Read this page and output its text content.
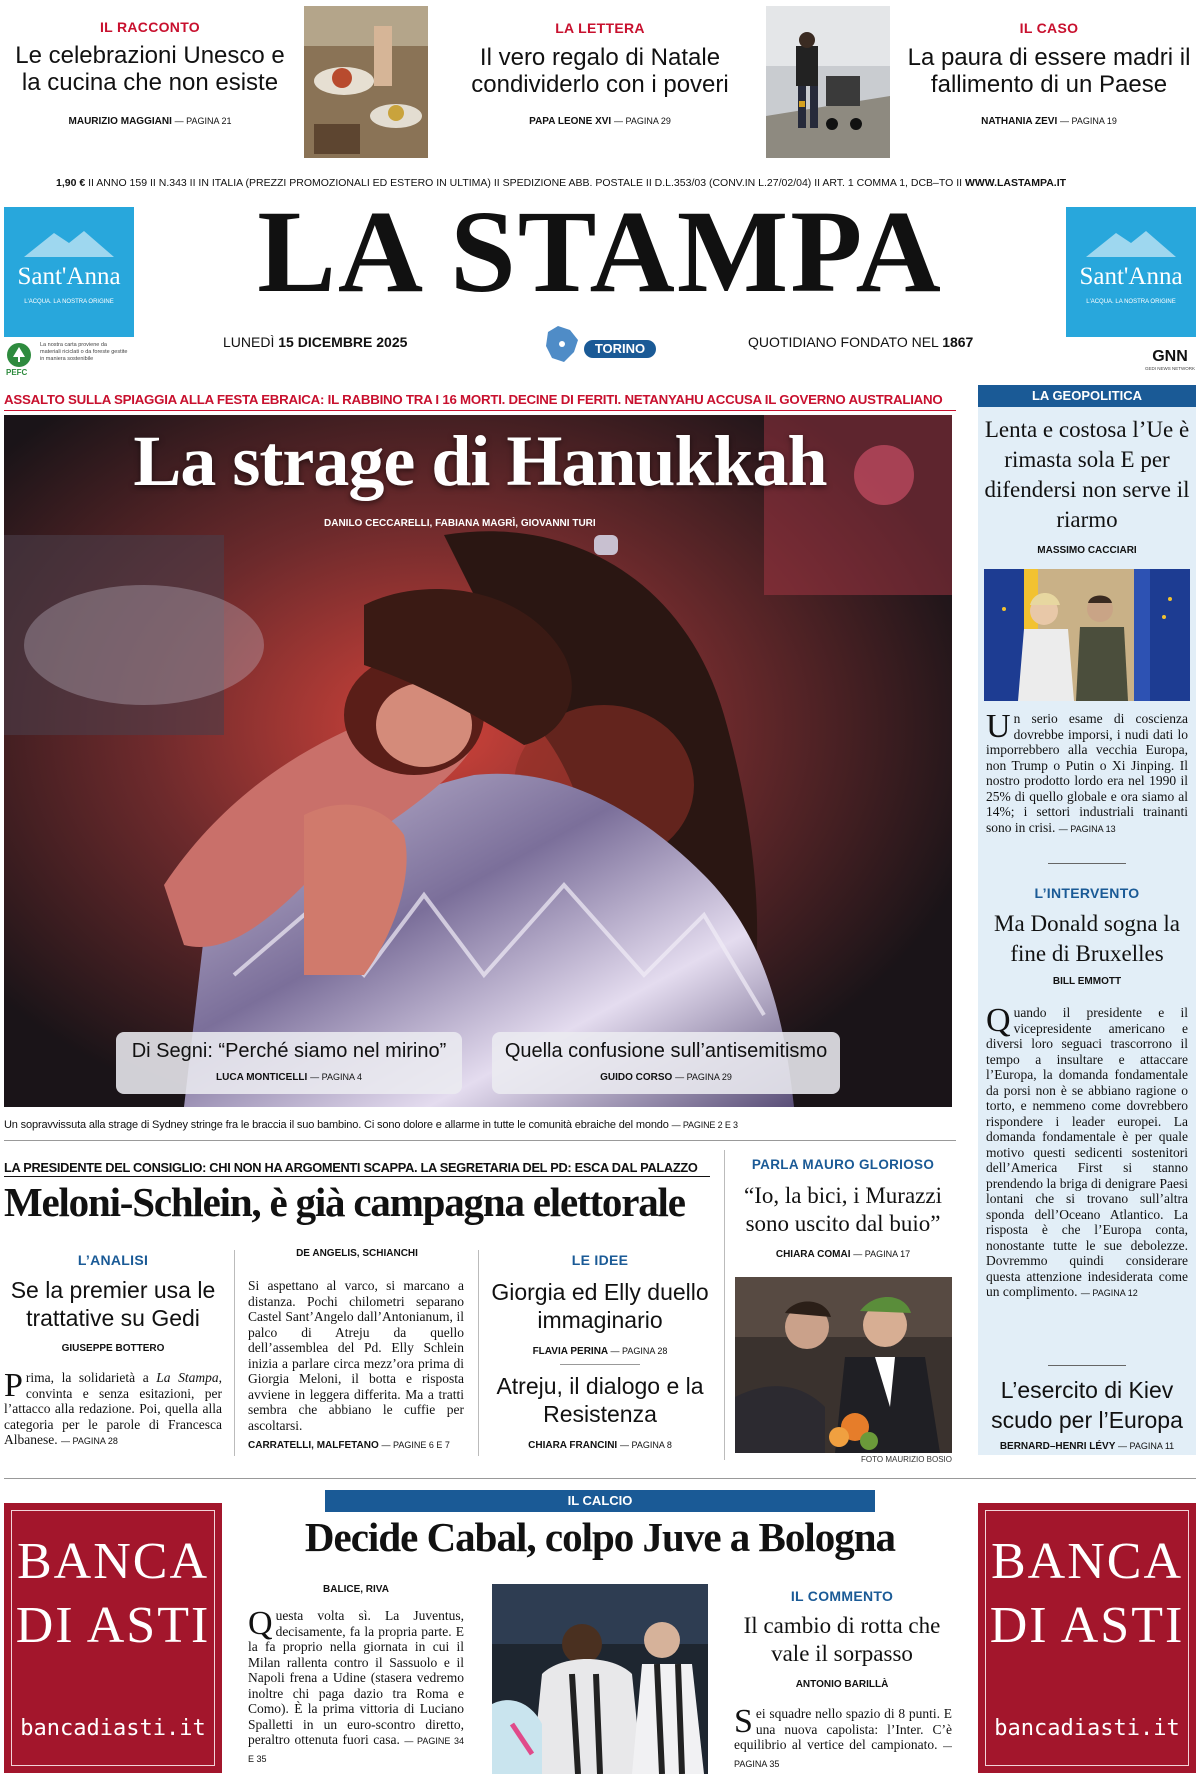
IL RACCONTO
Le celebrazioni Unesco e la cucina che non esiste
MAURIZIO MAGGIANI — PAGINA 21
LA LETTERA
Il vero regalo di Natale condividerlo con i poveri
PAPA LEONE XVI — PAGINA 29
IL CASO
La paura di essere madri il fallimento di un Paese
NATHANIA ZEVI — PAGINA 19
1,90 € II ANNO 159 II N.343 II IN ITALIA (PREZZI PROMOZIONALI ED ESTERO IN ULTIMA) II SPEDIZIONE ABB. POSTALE II D.L.353/03 (CONV.IN L.27/02/04) II ART. 1 COMMA 1, DCB–TO II WWW.LASTAMPA.IT
Sant'Anna
L'ACQUA. LA NOSTRA ORIGINE	LA STAMPA	Sant'Anna
L'ACQUA. LA NOSTRA ORIGINE
LUNEDÌ 15 DICEMBRE 2025	TORINO	QUOTIDIANO FONDATO NEL 1867
PEFC
La nostra carta proviene da materiali riciclati o da foreste gestite in maniera sostenibile	GNN
GEDI NEWS NETWORK
ASSALTO SULLA SPIAGGIA ALLA FESTA EBRAICA: IL RABBINO TRA I 16 MORTI. DECINE DI FERITI. NETANYAHU ACCUSA IL GOVERNO AUSTRALIANO
La strage di Hanukkah
DANILO CECCARELLI, FABIANA MAGRÌ, GIOVANNI TURI
Di Segni: “Perché siamo nel mirino”
LUCA MONTICELLI — PAGINA 4
Quella confusione sull’antisemitismo
GUIDO CORSO — PAGINA 29
Un sopravvissuta alla strage di Sydney stringe fra le braccia il suo bambino. Ci sono dolore e allarme in tutte le comunità ebraiche del mondo — PAGINE 2 E 3
LA PRESIDENTE DEL CONSIGLIO: CHI NON HA ARGOMENTI SCAPPA. LA SEGRETARIA DEL PD: ESCA DAL PALAZZO
Meloni-Schlein, è già campagna elettorale
L’ANALISI
Se la premier usa le trattative su Gedi
GIUSEPPE BOTTERO
Prima, la solidarietà a La Stampa, convinta e senza esitazioni, per l’attacco alla redazione. Poi, quella alla categoria per le parole di Francesca Albanese. — PAGINA 28
DE ANGELIS, SCHIANCHI
Si aspettano al varco, si marcano a distanza. Pochi chilometri separano Castel Sant’Angelo dall’Antonianum, il palco di Atreju da quello dell’assemblea del Pd. Elly Schlein inizia a parlare circa mezz’ora prima di Giorgia Meloni, il botta e risposta avviene in leggera differita. Ma a tratti sembra che abbiano le cuffie per ascoltarsi.
CARRATELLI, MALFETANO — PAGINE 6 E 7
LE IDEE
Giorgia ed Elly duello immaginario
FLAVIA PERINA — PAGINA 28
Atreju, il dialogo e la Resistenza
CHIARA FRANCINI — PAGINA 8
PARLA MAURO GLORIOSO
“Io, la bici, i Murazzi sono uscito dal buio”
CHIARA COMAI — PAGINA 17
FOTO MAURIZIO BOSIO
LA GEOPOLITICA
Lenta e costosa l’Ue è rimasta sola E per difendersi non serve il riarmo
MASSIMO CACCIARI
Un serio esame di coscienza dovrebbe imporsi, i nudi dati lo imporrebbero alla vecchia Europa, non Trump o Putin o Xi Jinping. Il nostro prodotto lordo era nel 1990 il 25% di quello globale e ora siamo al 14%; i settori industriali trainanti sono in crisi. — PAGINA 13
L’INTERVENTO
Ma Donald sogna la fine di Bruxelles
BILL EMMOTT
Quando il presidente e il vicepresidente americano e diversi loro seguaci trascorrono il tempo a insultare e attaccare l’Europa, la domanda fondamentale da porsi non è se abbiano ragione o torto, e nemmeno come dovrebbero rispondere i leader europei. La domanda fondamentale è per quale motivo questi sedicenti sostenitori dell’America First si stanno prendendo la briga di denigrare Paesi lontani che si trovano sull’altra sponda dell’Oceano Atlantico. La risposta è che l’Europa conta, nonostante tutte le sue debolezze. Dovremmo quindi considerare questa attenzione indesiderata come un complimento. — PAGINA 12
L’esercito di Kiev scudo per l’Europa
BERNARD–HENRI LÉVY — PAGINA 11
BANCA
DI ASTI
bancadiasti.it
BANCA
DI ASTI
bancadiasti.it
IL CALCIO
Decide Cabal, colpo Juve a Bologna
BALICE, RIVA
Questa volta sì. La Juventus, decisamente, fa la propria parte. E la fa proprio nella giornata in cui il Milan rallenta contro il Sassuolo e il Napoli frena a Udine (stasera vedremo inoltre chi paga dazio tra Roma e Como). È la prima vittoria di Luciano Spalletti in un euro-scontro diretto, peraltro ottenuta fuori casa. — PAGINE 34 E 35
IL COMMENTO
Il cambio di rotta che vale il sorpasso
ANTONIO BARILLÀ
Sei squadre nello spazio di 8 punti. E una nuova capolista: l’Inter. C’è equilibrio al vertice del campionato. — PAGINA 35
